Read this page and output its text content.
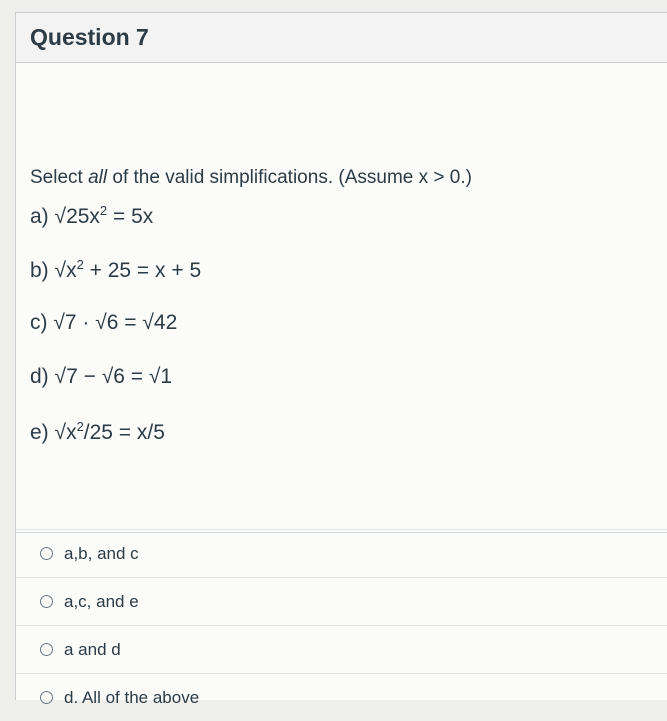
Question 7
Select all of the valid simplifications. (Assume x > 0.)
a) $√25x^2 = 5x$
b) $√x^2 + 25 = x + 5$
c) √7 · √6 = √42
d) √7 − √6 = √1
e) $√x^2/25 = x/5$
a,b, and c
a,c, and e
a and d
d. All of the above
